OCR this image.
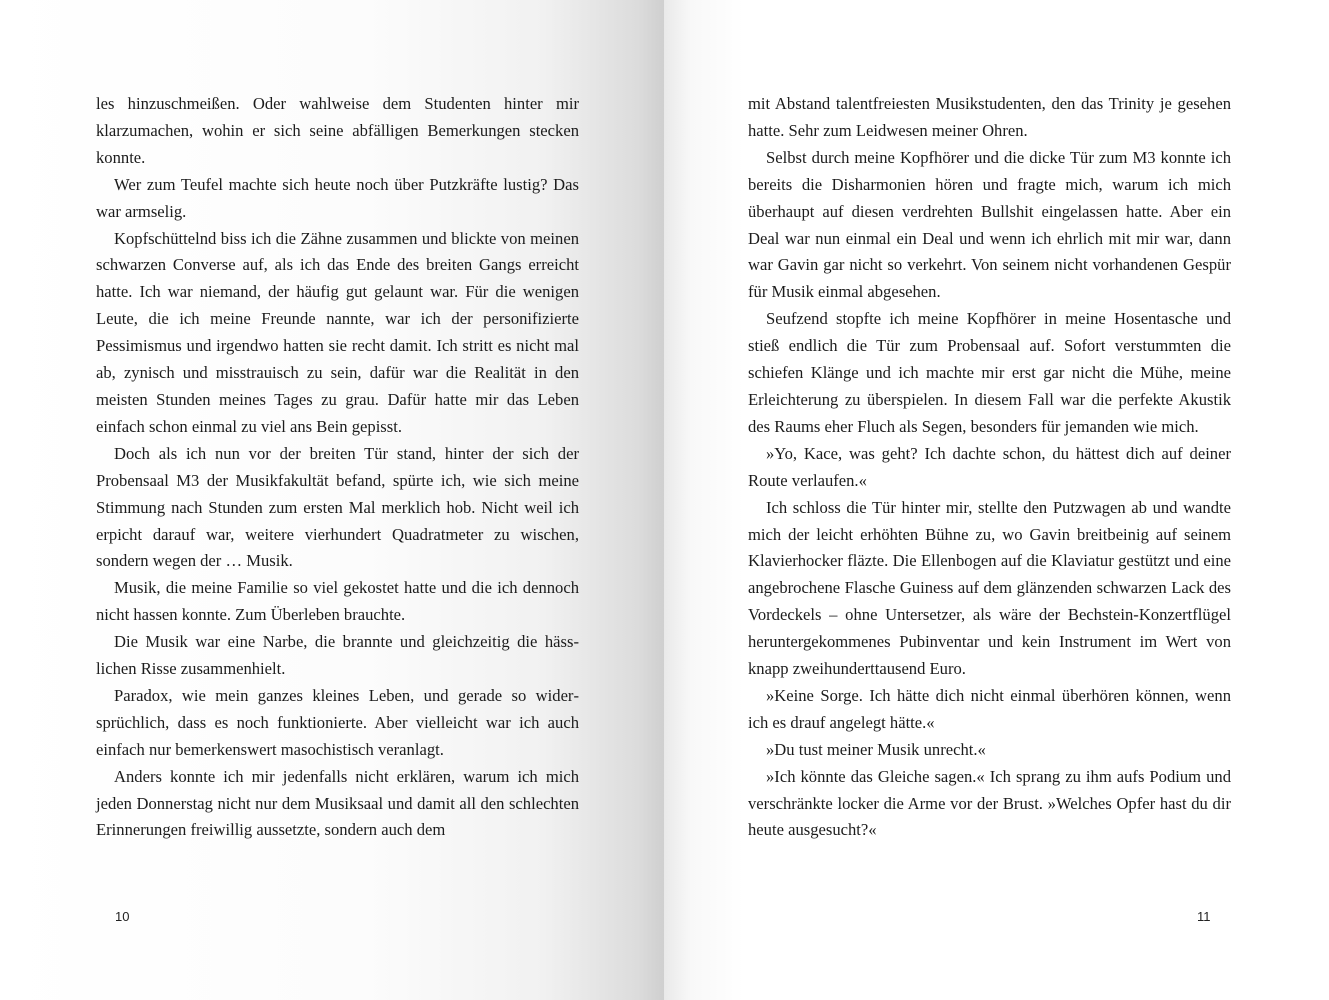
les hinzuschmeißen. Oder wahlweise dem Studenten hinter mir klarzumachen, wohin er sich seine abfälligen Bemerkungen stecken konnte.

Wer zum Teufel machte sich heute noch über Putzkräfte lustig? Das war armselig.

Kopfschüttelnd biss ich die Zähne zusammen und blickte von meinen schwarzen Converse auf, als ich das Ende des breiten Gangs erreicht hatte. Ich war niemand, der häufig gut gelaunt war. Für die wenigen Leute, die ich meine Freunde nannte, war ich der personifizierte Pessimismus und irgendwo hatten sie recht damit. Ich stritt es nicht mal ab, zynisch und misstrauisch zu sein, dafür war die Realität in den meisten Stunden meines Tages zu grau. Dafür hatte mir das Leben einfach schon einmal zu viel ans Bein gepisst.

Doch als ich nun vor der breiten Tür stand, hinter der sich der Probensaal M3 der Musikfakultät befand, spürte ich, wie sich meine Stimmung nach Stunden zum ersten Mal merklich hob. Nicht weil ich erpicht darauf war, weitere vierhundert Quadratmeter zu wischen, sondern wegen der … Musik.

Musik, die meine Familie so viel gekostet hatte und die ich dennoch nicht hassen konnte. Zum Überleben brauchte.

Die Musik war eine Narbe, die brannte und gleichzeitig die hässlichen Risse zusammenhielt.

Paradox, wie mein ganzes kleines Leben, und gerade so widersprüchlich, dass es noch funktionierte. Aber vielleicht war ich auch einfach nur bemerkenswert masochistisch veranlagt.

Anders konnte ich mir jedenfalls nicht erklären, warum ich mich jeden Donnerstag nicht nur dem Musiksaal und damit all den schlechten Erinnerungen freiwillig aussetzte, sondern auch dem

10

mit Abstand talentfreiesten Musikstudenten, den das Trinity je gesehen hatte. Sehr zum Leidwesen meiner Ohren.

Selbst durch meine Kopfhörer und die dicke Tür zum M3 konnte ich bereits die Disharmonien hören und fragte mich, warum ich mich überhaupt auf diesen verdrehten Bullshit eingelassen hatte. Aber ein Deal war nun einmal ein Deal und wenn ich ehrlich mit mir war, dann war Gavin gar nicht so verkehrt. Von seinem nicht vorhandenen Gespür für Musik einmal abgesehen.

Seufzend stopfte ich meine Kopfhörer in meine Hosentasche und stieß endlich die Tür zum Probensaal auf. Sofort verstummten die schiefen Klänge und ich machte mir erst gar nicht die Mühe, meine Erleichterung zu überspielen. In diesem Fall war die perfekte Akustik des Raums eher Fluch als Segen, besonders für jemanden wie mich.

»Yo, Kace, was geht? Ich dachte schon, du hättest dich auf deiner Route verlaufen.«

Ich schloss die Tür hinter mir, stellte den Putzwagen ab und wandte mich der leicht erhöhten Bühne zu, wo Gavin breitbeinig auf seinem Klavierhocker fläzte. Die Ellenbogen auf die Klaviatur gestützt und eine angebrochene Flasche Guiness auf dem glänzenden schwarzen Lack des Vordeckels – ohne Untersetzer, als wäre der Bechstein-Konzertflügel heruntergekommenes Pubinventar und kein Instrument im Wert von knapp zweihunderttausend Euro.

»Keine Sorge. Ich hätte dich nicht einmal überhören können, wenn ich es drauf angelegt hätte.«

»Du tust meiner Musik unrecht.«

»Ich könnte das Gleiche sagen.« Ich sprang zu ihm aufs Podium und verschränkte locker die Arme vor der Brust. »Welches Opfer hast du dir heute ausgesucht?«

11
